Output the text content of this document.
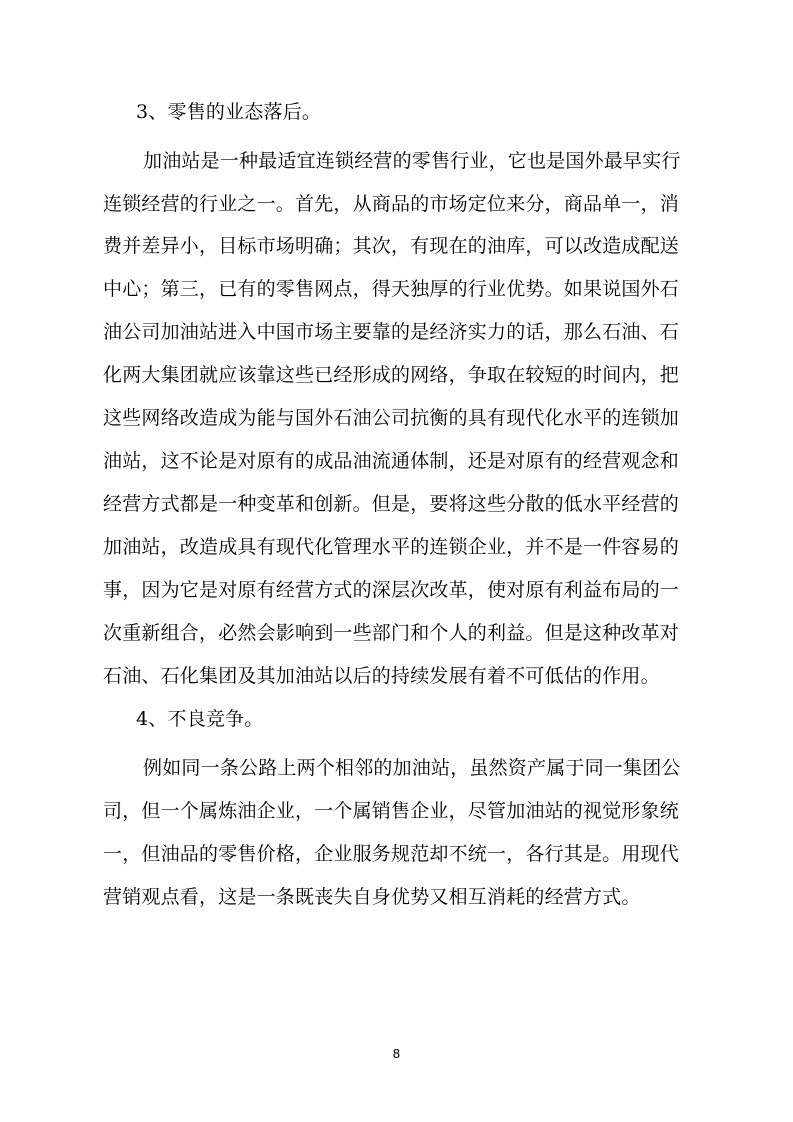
3、零售的业态落后。
加油站是一种最适宜连锁经营的零售行业，它也是国外最早实行
连锁经营的行业之一。首先，从商品的市场定位来分，商品单一，消
费并差异小，目标市场明确；其次，有现在的油库，可以改造成配送
中心；第三，已有的零售网点，得天独厚的行业优势。如果说国外石
油公司加油站进入中国市场主要靠的是经济实力的话，那么石油、石
化两大集团就应该靠这些已经形成的网络，争取在较短的时间内，把
这些网络改造成为能与国外石油公司抗衡的具有现代化水平的连锁加
油站，这不论是对原有的成品油流通体制，还是对原有的经营观念和
经营方式都是一种变革和创新。但是，要将这些分散的低水平经营的
加油站，改造成具有现代化管理水平的连锁企业，并不是一件容易的
事，因为它是对原有经营方式的深层次改革，使对原有利益布局的一
次重新组合，必然会影响到一些部门和个人的利益。但是这种改革对
石油、石化集团及其加油站以后的持续发展有着不可低估的作用。
4、不良竞争。
例如同一条公路上两个相邻的加油站，虽然资产属于同一集团公
司，但一个属炼油企业，一个属销售企业，尽管加油站的视觉形象统
一，但油品的零售价格，企业服务规范却不统一，各行其是。用现代
营销观点看，这是一条既丧失自身优势又相互消耗的经营方式。
8
